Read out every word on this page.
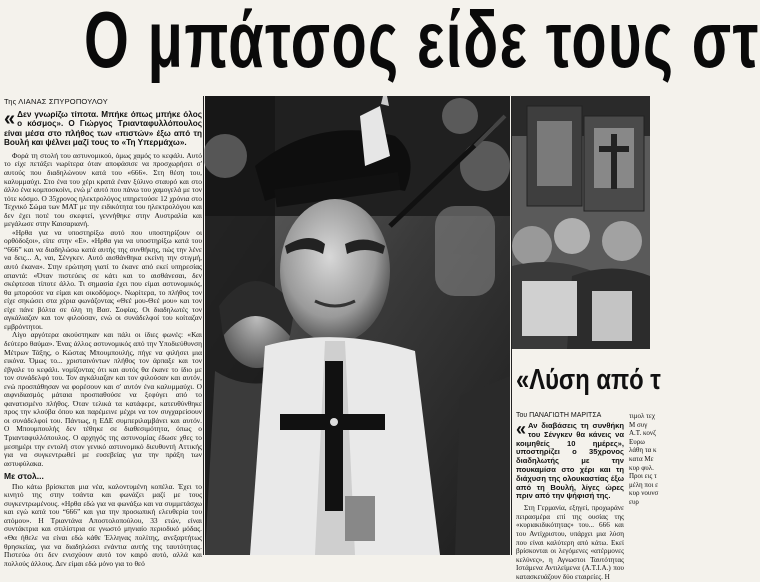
Ο μπάτσος είδε τους στ
Της ΛΙΑΝΑΣ ΣΠΥΡΟΠΟΥΛΟΥ
« Δεν γνωρίζω τίποτα. Μπήκε όπως μπήκε όλος ο κόσμος». Ο Γιώργος Τριανταφυλλόπουλος είναι μέσα στο πλήθος των «πιστών» έξω από τη Βουλή και ψέλνει μαζί τους το «Τη Υπερμάχω».

Φορά τη στολή του αστυνομικού, όμως χαμός το κεφάλι. Αυτό το είχε πετάξει νωρίτερα όταν αποφάσισε να προσχωρήσει σ' αυτούς που διαδηλώνουν κατά του «666». Στη θέση του, καλυμμαύχι. Στο ένα του χέρι κρατά έναν ξύλινο σταυρό και στο άλλο ένα κομποσκοίνι, ενώ μ' αυτό που πάνω του χαμογελά με τον τότε κόσμο. Ο 35χρονος ηλεκτρολόγος υπηρετούσε 12 χρόνια στο Τεχνικό Σώμα των ΜΑΤ με την ειδικότητα του ηλεκτρολόγου και δεν έχει ποτέ του σκεφτεί, γεννήθηκε στην Αυστραλία και μεγάλωσε στην Καισαριανή.

«Ηρθα για να υποστηρίξω αυτό που υποστηρίζουν οι ορθόδοξοι», είπε στην «Ε». «Ηρθα για να υποστηρίξω κατά του “666” και να διαδηλώσω κατά αυτής της συνθήκης, πώς την λένε να δεις... Α, ναι, Σένγκεν. Αυτό αισθάνθηκα εκείνη την στιγμή, αυτό έκανα». Στην ερώτηση γιατί το έκανε από εκεί υπηρεσίας απαντά: «Όταν πιστεύεις σε κάτι και το αισθάνεσαι, δεν σκέφτεσαι τίποτε άλλο. Τι σημασία έχει που είμαι αστυνομικός, θα μπορούσε να είμαι και οικοδόμος». Νωρίτερα, το πλήθος τον είχε σηκώσει στα χέρια φωνάζοντας «Θεέ μου-Θεέ μου» και τον είχε πάνε βόλτα σε όλη τη Βασ. Σοφίας. Οι διαδηλωτές τον αγκάλιαζαν και τον φιλούσαν, ενώ οι συνάδελφοί του κοίταζαν εμβρόντητοι.

Λίγο αργότερα ακούστηκαν και πάλι οι ίδιες φωνές: «Και δεύτερο θαύμα». Ένας άλλος αστυνομικός από την Υποδιεύθυνση Μέτρων Τάξης, ο Κώστας Μπουμπουλής, πήγε να φιλήσει μια εικόνα. Όμως το... χρισταινόντων πλήθος τον άρπαξε και τον έβγαλε το κεφάλι. νομίζοντας ότι και αυτός θα έκανε το ίδιο με τον συνάδελφό του. Τον αγκάλιαζαν και τον φιλούσαν και αυτόν, ενώ προσπάθησαν να φορέσουν και σ' αυτόν ένα καλυμμαύχι. Ο αιφνιδιασμός μάταια προσπαθούσε να ξεφύγει από το φανατισμένο πλήθος. Όταν τελικά τα κατάφερε, κατευθύνθηκε προς την κλούβα όπου και παρέμεινε μέχρι να τον συγχαρείσουν οι συνάδελφοί του. Πάντως, η ΕΔΕ συμπεριλαμβάνει και αυτόν. Ο Μπουμπουλής δεν τέθηκε σε διαθεσιμότητα, όπως ο Τριανταφυλλόπουλος. Ο αρχηγός της αστυνομίας έδωσε χθες το μεσημέρι την εντολή στον γενικό αστυνομικό διευθυντή Αττικής για να συγκεντρωθεί με ευσεβείας για την πράξη των αστυφύλακα.

Με στολ...

Πιο κάτω βρίσκεται μια νέα, καλοντυμένη κοπέλα. Έχει το κινητό της στην τσάντα και φωνάζει μαζί με τους συγκεντρωμένους. «Ηρθα εδώ για να φωνάξω και να συμμετάσχω και εγώ κατά του “666” και για την προσωπική ελευθερία του ατόμου». Η Τριαντάνα Αποστολοπούλου, 33 ετών, είναι συντάκτρια και στιλίστρια σε γνωστό μηνιαίο περιοδικό μόδας. «Θα ήθελε να είναι εδώ κάθε Έλληνας πολίτης, ανεξαρτήτως θρησκείας, για να διαδηλώσει ενάντια αυτής της ταυτότητας. Πιστεύω ότι δεν ενισχύουν αυτό τον καιρό αυτό, αλλά και πολλούς άλλους. Δεν είμαι εδώ μόνο για το θεό

«Λύση από τ
Του ΠΑΝΑΓΙΩΤΗ ΜΑΡΙΤΣΑ
« Αν διαβάσεις τη συνθήκη του Σένγκεν θα κάνεις να κοιμηθείς 10 ημέρες», υποστηρίζει ο 35χρονος διαδηλωτής με την πουκαμίσα στο χέρι και τη διάχυση της ολουκαστίας έξω από τη Βουλή, λίγες ώρες πριν από την ψήφισή της.

Στη Γερμανία, εξηγεί, προχωράνε πειρασμέρα επί της ουσίας της «κυριακιδικότητας» του... 666 και του Αντίχριστου, υπάρχει μια λύση που είναι καλύτερη από κάτω. Εκεί βρίσκονται οι λεγόμενες «ατέρμονες κελύνες», η Αγνωστοι Ταυτότητας Ιστάμενα Αντιλείμενα (Α.Τ.Ι.Α.) που κατασκευάζουν δύο εταιρείες. Η

τιμολ τεχ Μ συγ Α.Τ. κονζ Ευρω λάθη τα κ κατα Με κυρ φυλ. Προι εις τ μέλη ποι ε κυρ νουνσ ευρ
